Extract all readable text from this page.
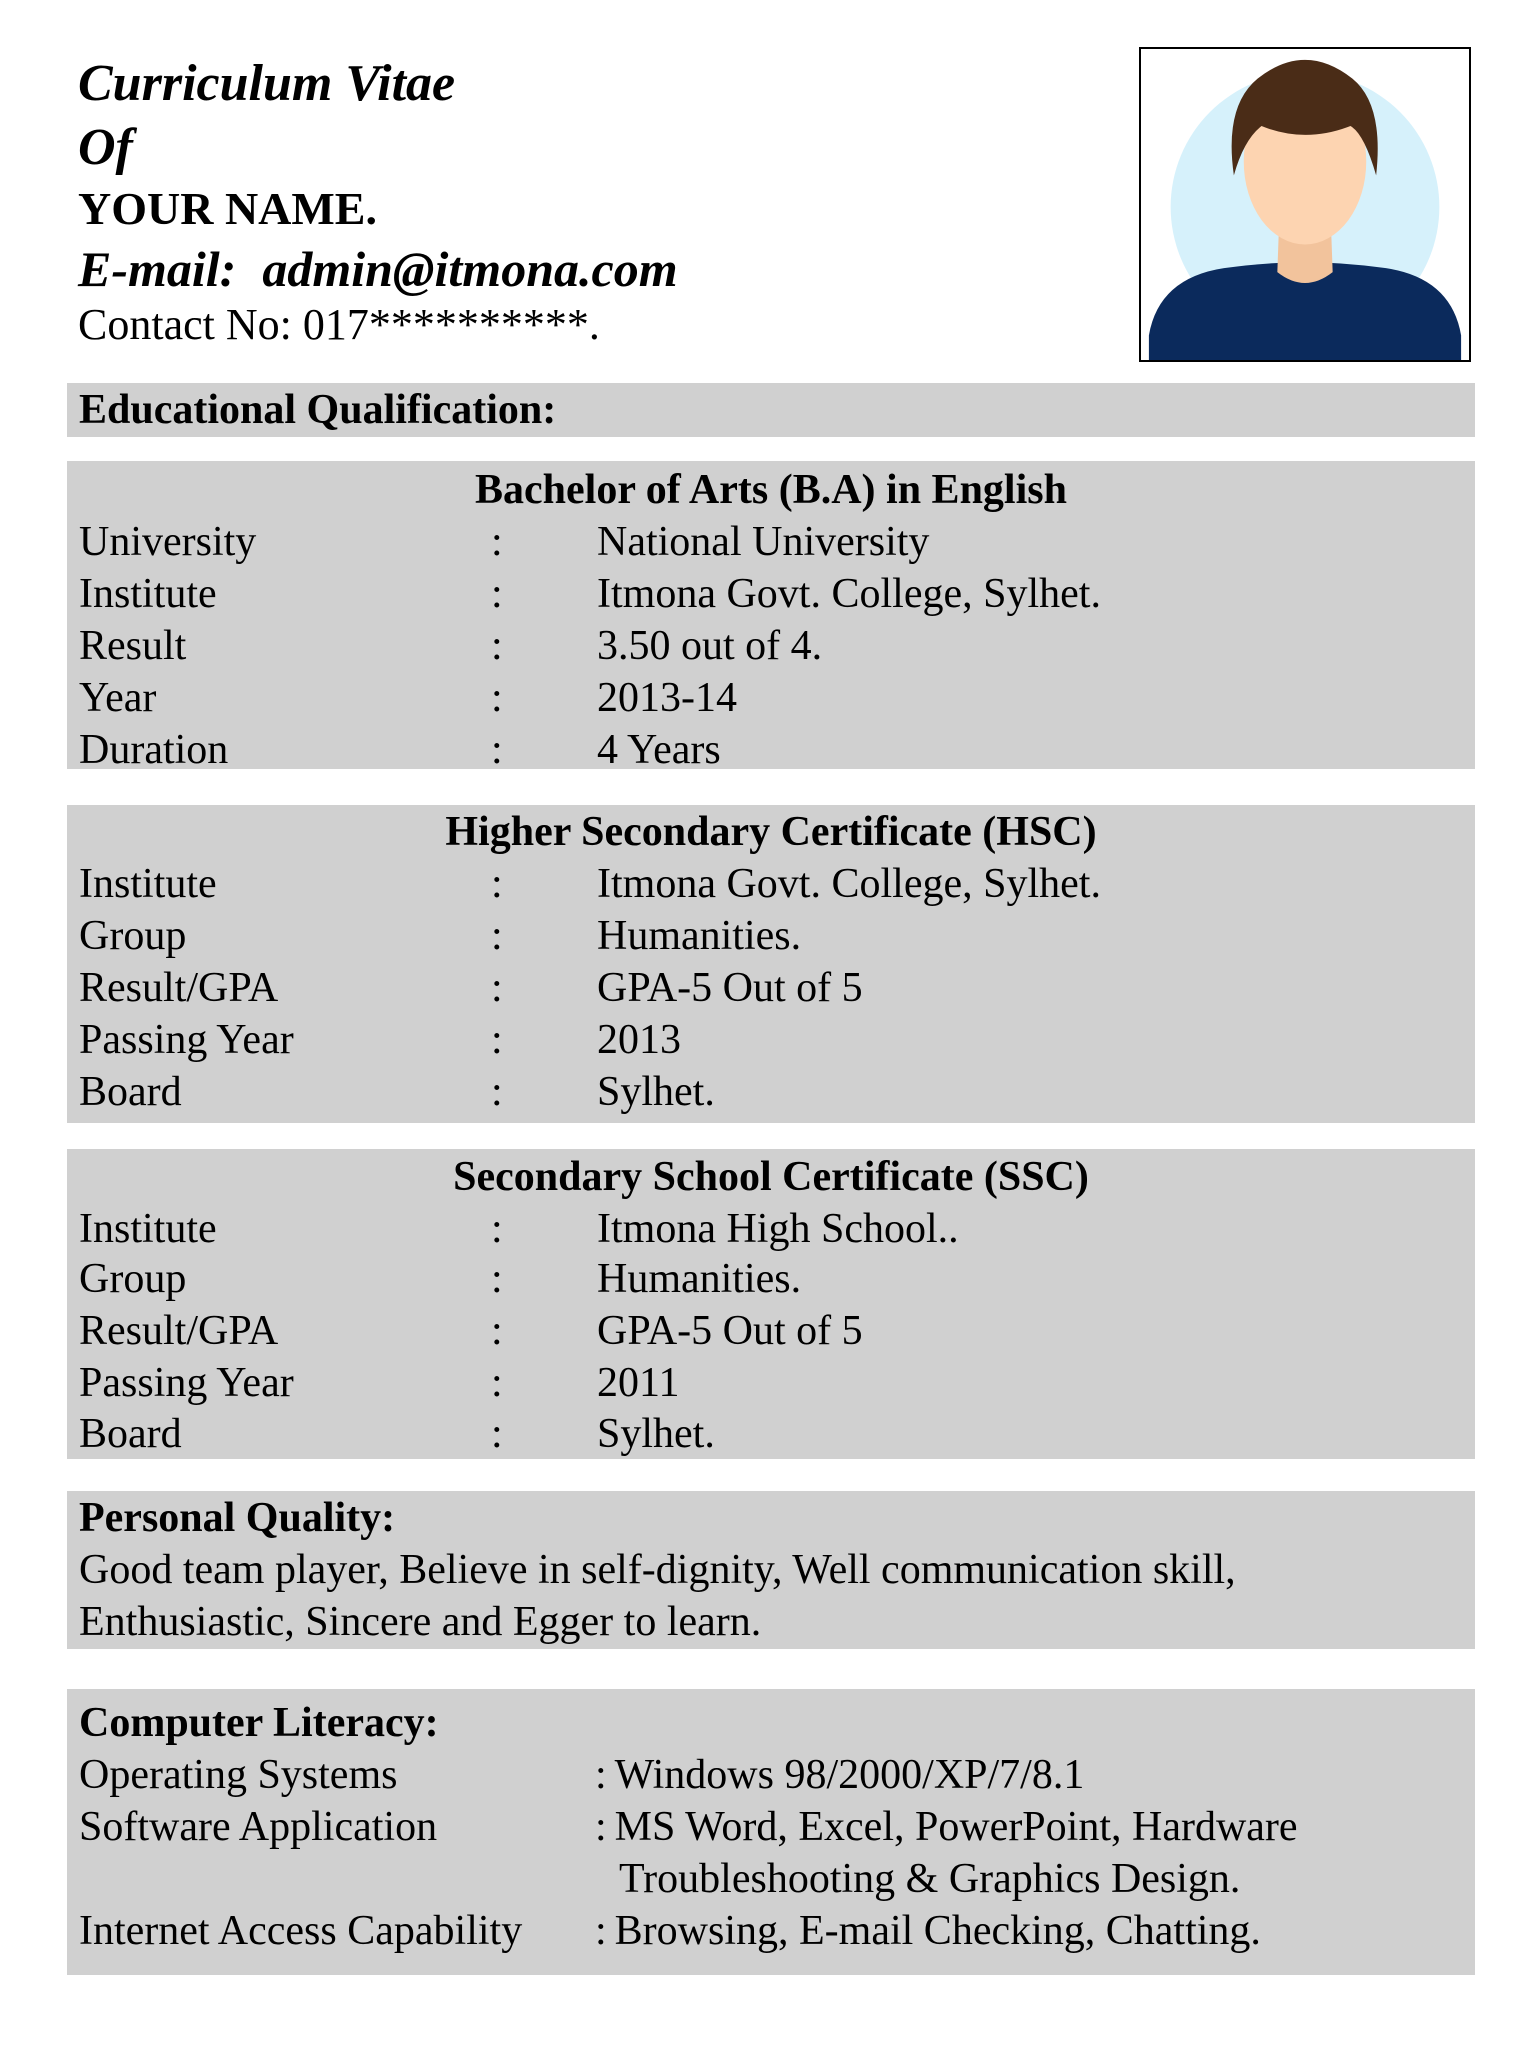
Curriculum Vitae
Of
YOUR NAME.
E-mail: admin@itmona.com
Contact No: 017**********.
Educational Qualification:
Bachelor of Arts (B.A) in English
University	: National University
Institute	: Itmona Govt. College, Sylhet.
Result	: 3.50 out of 4.
Year	: 2013-14
Duration	: 4 Years
Higher Secondary Certificate (HSC)
Institute	: Itmona Govt. College, Sylhet.
Group	: Humanities.
Result/GPA	: GPA-5 Out of 5
Passing Year	: 2013
Board	: Sylhet.
Secondary School Certificate (SSC)
Institute	: Itmona High School..
Group	: Humanities.
Result/GPA	: GPA-5 Out of 5
Passing Year	: 2011
Board	: Sylhet.
Personal Quality:
Good team player, Believe in self-dignity, Well communication skill,
Enthusiastic, Sincere and Egger to learn.
Computer Literacy:
Operating Systems	: Windows 98/2000/XP/7/8.1
Software Application	: MS Word, Excel, PowerPoint, Hardware
Troubleshooting & Graphics Design.
Internet Access Capability : Browsing, E-mail Checking, Chatting.
